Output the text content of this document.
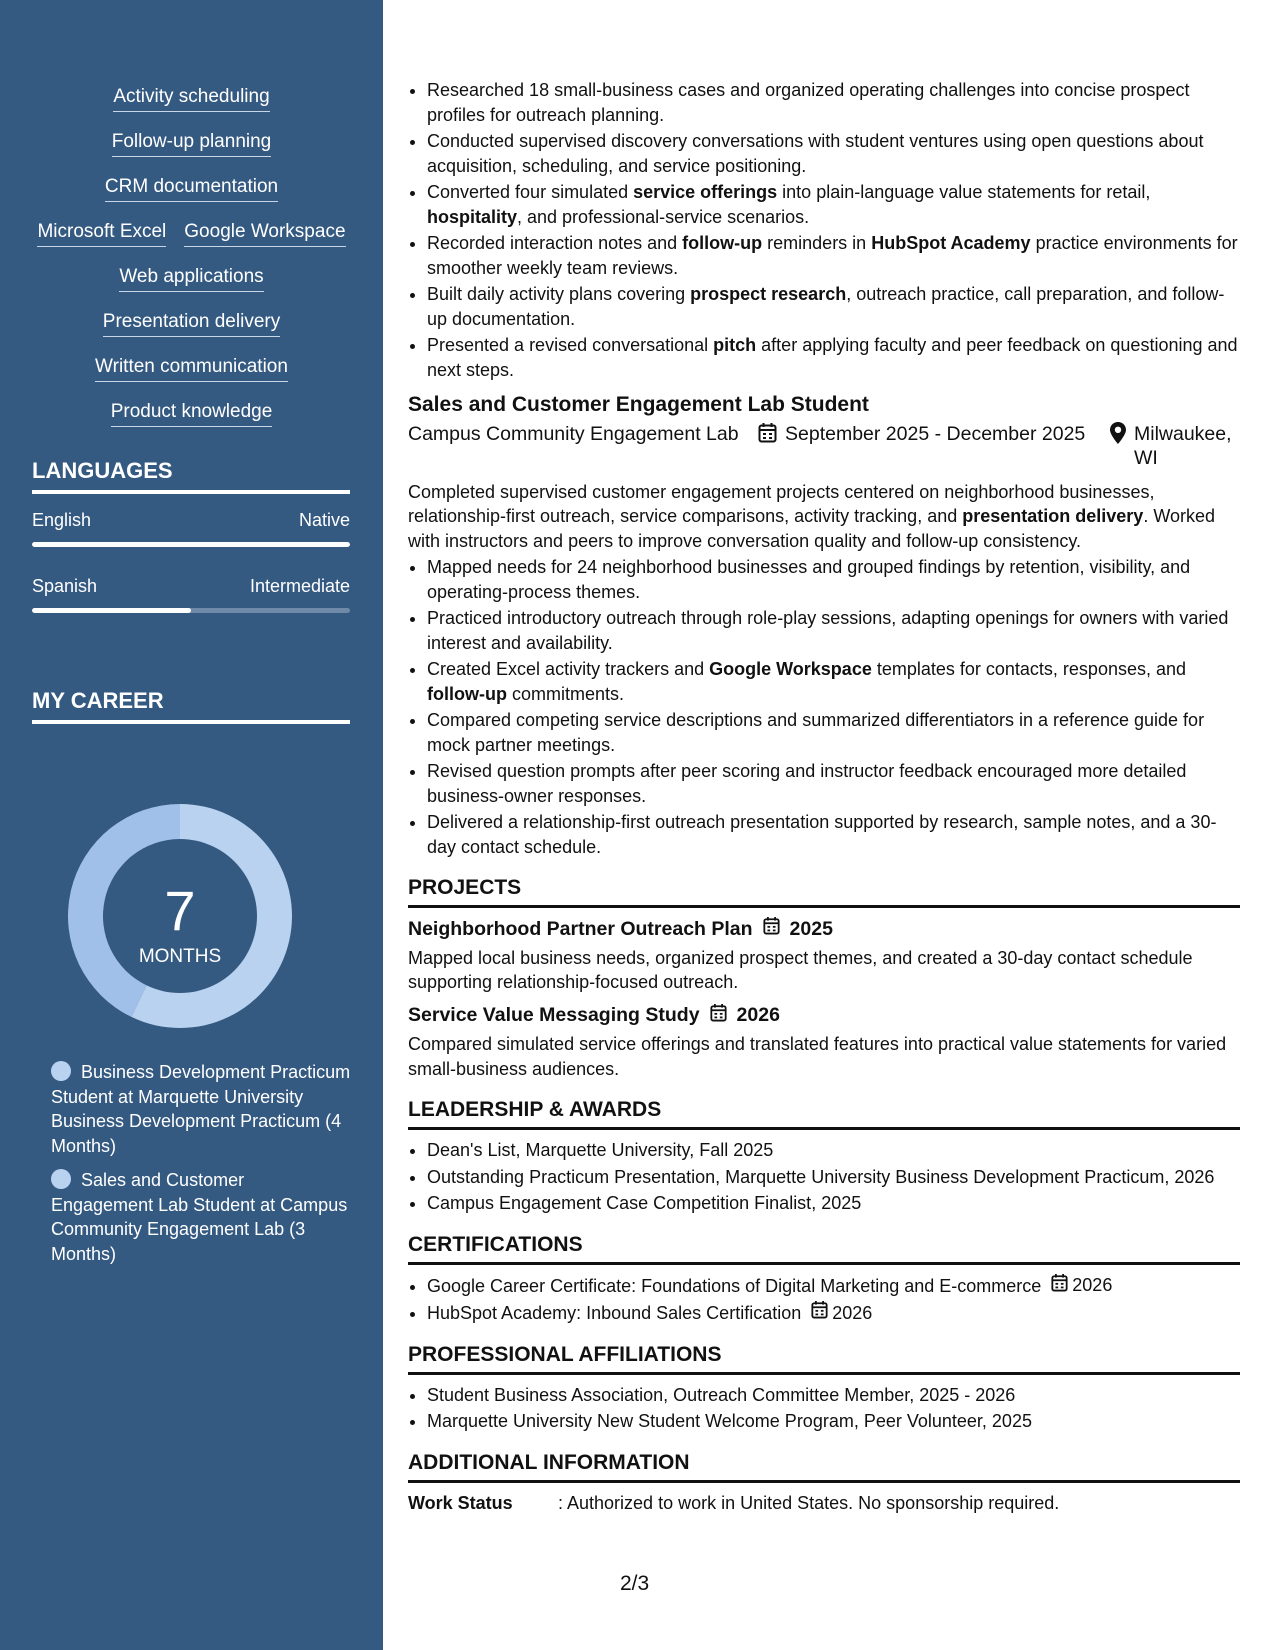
Activity scheduling
Follow-up planning
CRM documentation
Microsoft Excel Google Workspace
Web applications
Presentation delivery
Written communication
Product knowledge
LANGUAGES
English	Native
Spanish	Intermediate
MY CAREER
7
MONTHS
Business Development Practicum Student at Marquette University Business Development Practicum (4 Months)
Sales and Customer Engagement Lab Student at Campus Community Engagement Lab (3 Months)
• Researched 18 small-business cases and organized operating challenges into concise prospect profiles for outreach planning.
• Conducted supervised discovery conversations with student ventures using open questions about acquisition, scheduling, and service positioning.
• Converted four simulated service offerings into plain-language value statements for retail, hospitality, and professional-service scenarios.
• Recorded interaction notes and follow-up reminders in HubSpot Academy practice environments for smoother weekly team reviews.
• Built daily activity plans covering prospect research, outreach practice, call preparation, and follow-up documentation.
• Presented a revised conversational pitch after applying faculty and peer feedback on questioning and next steps.
Sales and Customer Engagement Lab Student
Campus Community Engagement Lab	September 2025 - December 2025 Milwaukee, WI
Completed supervised customer engagement projects centered on neighborhood businesses, relationship-first outreach, service comparisons, activity tracking, and presentation delivery. Worked with instructors and peers to improve conversation quality and follow-up consistency.
• Mapped needs for 24 neighborhood businesses and grouped findings by retention, visibility, and operating-process themes.
• Practiced introductory outreach through role-play sessions, adapting openings for owners with varied interest and availability.
• Created Excel activity trackers and Google Workspace templates for contacts, responses, and follow-up commitments.
• Compared competing service descriptions and summarized differentiators in a reference guide for mock partner meetings.
• Revised question prompts after peer scoring and instructor feedback encouraged more detailed business-owner responses.
• Delivered a relationship-first outreach presentation supported by research, sample notes, and a 30-day contact schedule.
PROJECTS
Neighborhood Partner Outreach Plan 2025
Mapped local business needs, organized prospect themes, and created a 30-day contact schedule supporting relationship-focused outreach.
Service Value Messaging Study 2026
Compared simulated service offerings and translated features into practical value statements for varied small-business audiences.
LEADERSHIP & AWARDS
• Dean's List, Marquette University, Fall 2025
• Outstanding Practicum Presentation, Marquette University Business Development Practicum, 2026
• Campus Engagement Case Competition Finalist, 2025
CERTIFICATIONS
• Google Career Certificate: Foundations of Digital Marketing and E-commerce 2026
• HubSpot Academy: Inbound Sales Certification 2026
PROFESSIONAL AFFILIATIONS
• Student Business Association, Outreach Committee Member, 2025 - 2026
• Marquette University New Student Welcome Program, Peer Volunteer, 2025
ADDITIONAL INFORMATION
Work Status	: Authorized to work in United States. No sponsorship required.
2/3
